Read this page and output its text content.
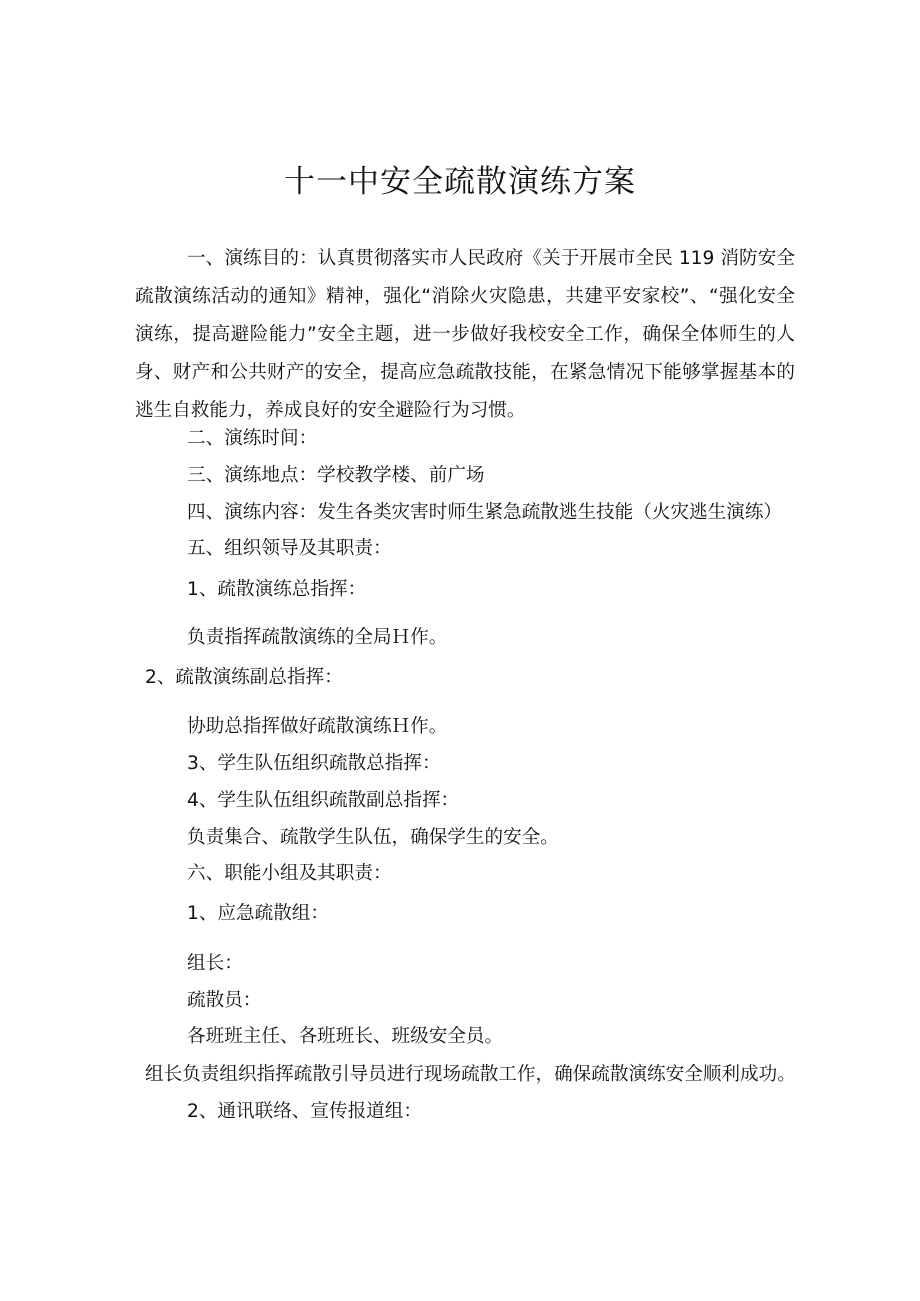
十一中安全疏散演练方案

一、演练目的：认真贯彻落实市人民政府《关于开展市全民 119 消防安全疏散演练活动的通知》精神，强化“消除火灾隐患，共建平安家校”、“强化安全演练，提高避险能力”安全主题，进一步做好我校安全工作，确保全体师生的人身、财产和公共财产的安全，提高应急疏散技能，在紧急情况下能够掌握基本的逃生自救能力，养成良好的安全避险行为习惯。

二、演练时间：

三、演练地点：学校教学楼、前广场

四、演练内容：发生各类灾害时师生紧急疏散逃生技能（火灾逃生演练）

五、组织领导及其职责：

1、疏散演练总指挥：

负责指挥疏散演练的全局Ｈ作。

2、疏散演练副总指挥：

协助总指挥做好疏散演练Ｈ作。

3、学生队伍组织疏散总指挥：

4、学生队伍组织疏散副总指挥：

负责集合、疏散学生队伍，确保学生的安全。

六、职能小组及其职责：

1、应急疏散组：

组长：

疏散员：

各班班主任、各班班长、班级安全员。

组长负责组织指挥疏散引导员进行现场疏散工作，确保疏散演练安全顺利成功。

2、通讯联络、宣传报道组：
